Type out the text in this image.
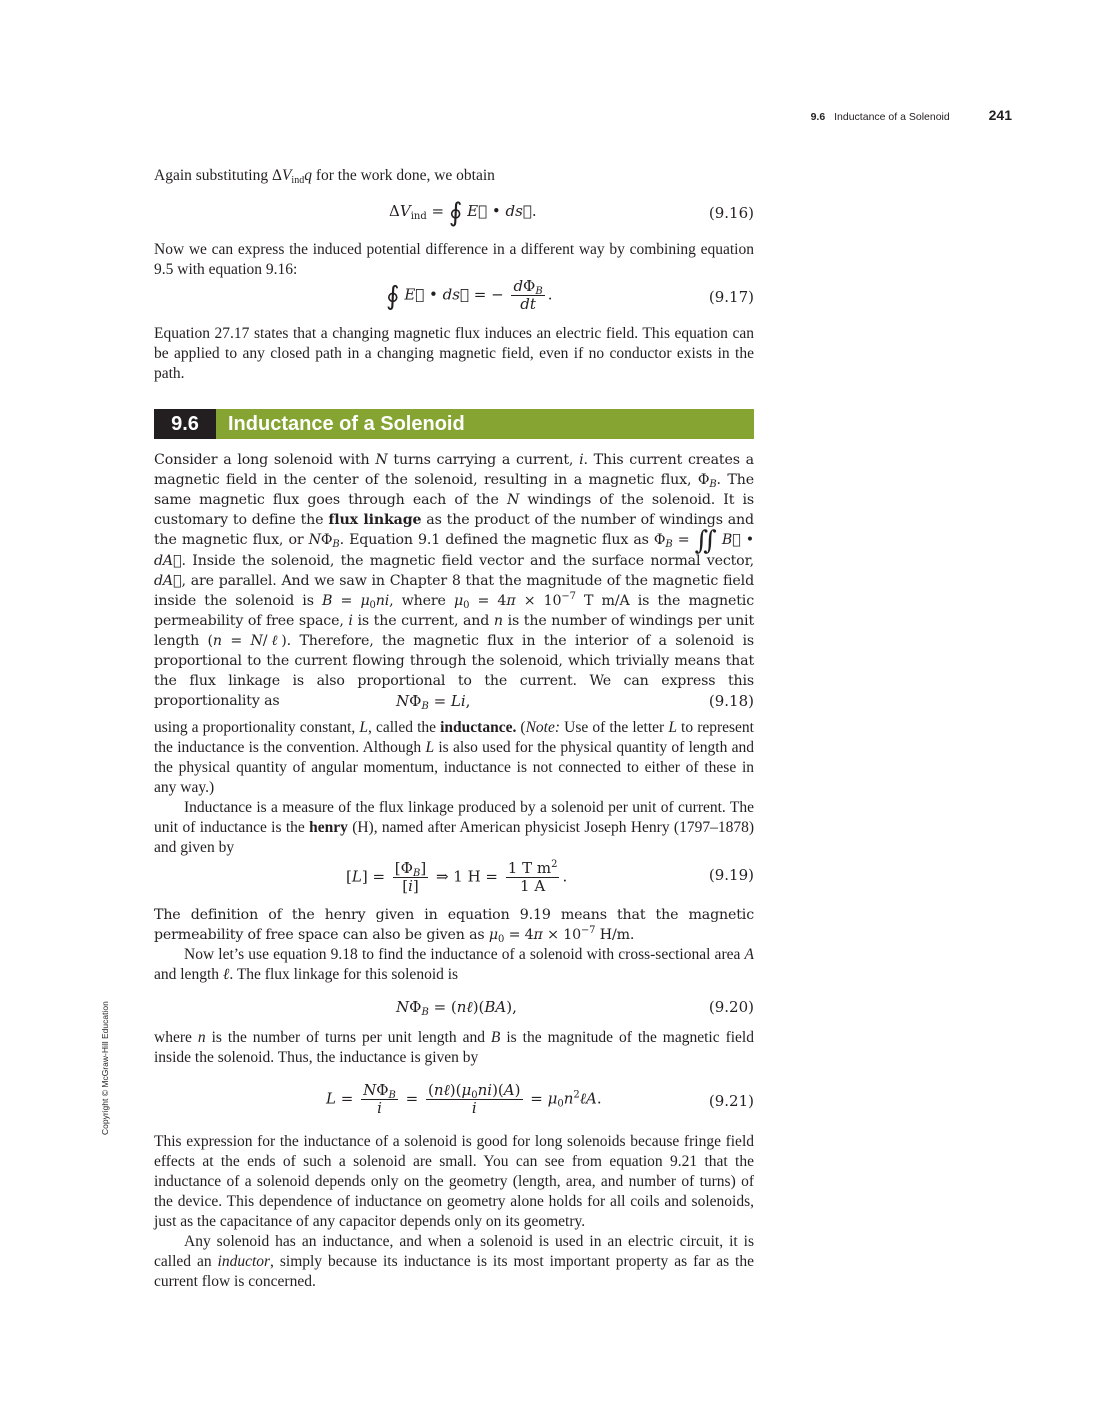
9.6 Inductance of a Solenoid	241
Copyright © McGraw-Hill Education

Again substituting $\Delta V_{ind}q$ for the work done, we obtain

$\Delta V_{ind}$ = ∮ E⃗ • ds⃗.	(9.16)

Now we can express the induced potential difference in a different way by combining equation 9.5 with equation 9.16:

∮ E⃗ • ds⃗ = − $\frac{d\Phi_B}{dt}$ .	(9.17)

Equation 27.17 states that a changing magnetic flux induces an electric field. This equation can be applied to any closed path in a changing magnetic field, even if no conductor exists in the path.

9.6	Inductance of a Solenoid

Consider a long solenoid with N turns carrying a current, i. This current creates a magnetic field in the center of the solenoid, resulting in a magnetic flux, $\Phi_B$. The same magnetic flux goes through each of the N windings of the solenoid. It is customary to define the flux linkage as the product of the number of windings and the magnetic flux, or $N\Phi_B$. Equation 9.1 defined the magnetic flux as $\Phi_B$ = ∬ B⃗ • dA⃗. Inside the solenoid, the magnetic field vector and the surface normal vector, dA⃗, are parallel. And we saw in Chapter 8 that the magnitude of the magnetic field inside the solenoid is $B = \mu_0ni$, where $\mu_0 = 4\pi \times 10^{-7}$ T m/A is the magnetic permeability of free space, i is the current, and n is the number of windings per unit length (n = N/ℓ). Therefore, the magnetic flux in the interior of a solenoid is proportional to the current flowing through the solenoid, which trivially means that the flux linkage is also proportional to the current. We can express this proportionality as	$N\Phi_B = Li$,	(9.18)

using a proportionality constant, L, called the inductance. (Note: Use of the letter L to represent the inductance is the convention. Although L is also used for the physical quantity of length and the physical quantity of angular momentum, inductance is not connected to either of these in any way.)

Inductance is a measure of the flux linkage produced by a solenoid per unit of current. The unit of inductance is the henry (H), named after American physicist Joseph Henry (1797–1878) and given by

$[L] = \frac{[\Phi_B]}{[i]}$ ⇒ 1 $H = \frac{1 T m^2}{1 A}$ .	(9.19)

The definition of the henry given in equation 9.19 means that the magnetic permeability of free space can also be given as $\mu_0 = 4\pi \times 10^{-7}$ H/m.

Now let’s use equation 9.18 to find the inductance of a solenoid with cross-sectional area A and length ℓ. The flux linkage for this solenoid is

$N\Phi_B$ = (nℓ)(BA),	(9.20)

where n is the number of turns per unit length and B is the magnitude of the magnetic field inside the solenoid. Thus, the inductance is given by

$L = \frac{N\Phi_B}{i} = \frac{(n\ell)(\mu_0ni)(A)}{i}$ = $\mu_0n^2\ell A$.	(9.21)

This expression for the inductance of a solenoid is good for long solenoids because fringe field effects at the ends of such a solenoid are small. You can see from equation 9.21 that the inductance of a solenoid depends only on the geometry (length, area, and number of turns) of the device. This dependence of inductance on geometry alone holds for all coils and solenoids, just as the capacitance of any capacitor depends only on its geometry.

Any solenoid has an inductance, and when a solenoid is used in an electric circuit, it is called an inductor, simply because its inductance is its most important property as far as the current flow is concerned.
